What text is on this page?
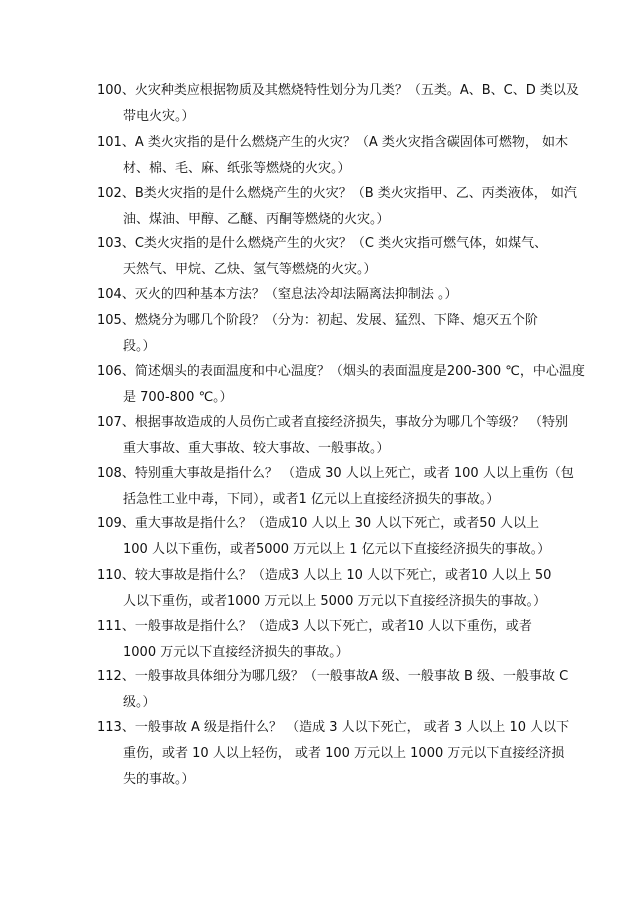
100、火灾种类应根据物质及其燃烧特性划分为几类？（五类。A、B、C、D 类以及
带电火灾。）
101、A 类火灾指的是什么燃烧产生的火灾？（A 类火灾指含碳固体可燃物， 如木
材、棉、毛、麻、纸张等燃烧的火灾。）
102、B类火灾指的是什么燃烧产生的火灾？（B 类火灾指甲、乙、丙类液体， 如汽
油、煤油、甲醇、乙醚、丙酮等燃烧的火灾。）
103、C类火灾指的是什么燃烧产生的火灾？（C 类火灾指可燃气体，如煤气、
天然气、甲烷、乙炔、氢气等燃烧的火灾。）
104、灭火的四种基本方法？（窒息法冷却法隔离法抑制法 。）
105、燃烧分为哪几个阶段？（分为：初起、发展、猛烈、下降、熄灭五个阶
段。）
106、简述烟头的表面温度和中心温度？（烟头的表面温度是200-300 ℃，中心温度
是 700-800 ℃。）
107、根据事故造成的人员伤亡或者直接经济损失，事故分为哪几个等级？ （特别
重大事故、重大事故、较大事故、一般事故。）
108、特别重大事故是指什么？ （造成 30 人以上死亡，或者 100 人以上重伤（包
括急性工业中毒，下同），或者1 亿元以上直接经济损失的事故。）
109、重大事故是指什么？（造成10 人以上 30 人以下死亡，或者50 人以上
100 人以下重伤，或者5000 万元以上 1 亿元以下直接经济损失的事故。）
110、较大事故是指什么？（造成3 人以上 10 人以下死亡，或者10 人以上 50
人以下重伤，或者1000 万元以上 5000 万元以下直接经济损失的事故。）
111、一般事故是指什么？（造成3 人以下死亡，或者10 人以下重伤，或者
1000 万元以下直接经济损失的事故。）
112、一般事故具体细分为哪几级？（一般事故A 级、一般事故 B 级、一般事故 C
级。）
113、一般事故 A 级是指什么？ （造成 3 人以下死亡， 或者 3 人以上 10 人以下
重伤，或者 10 人以上轻伤， 或者 100 万元以上 1000 万元以下直接经济损
失的事故。）
